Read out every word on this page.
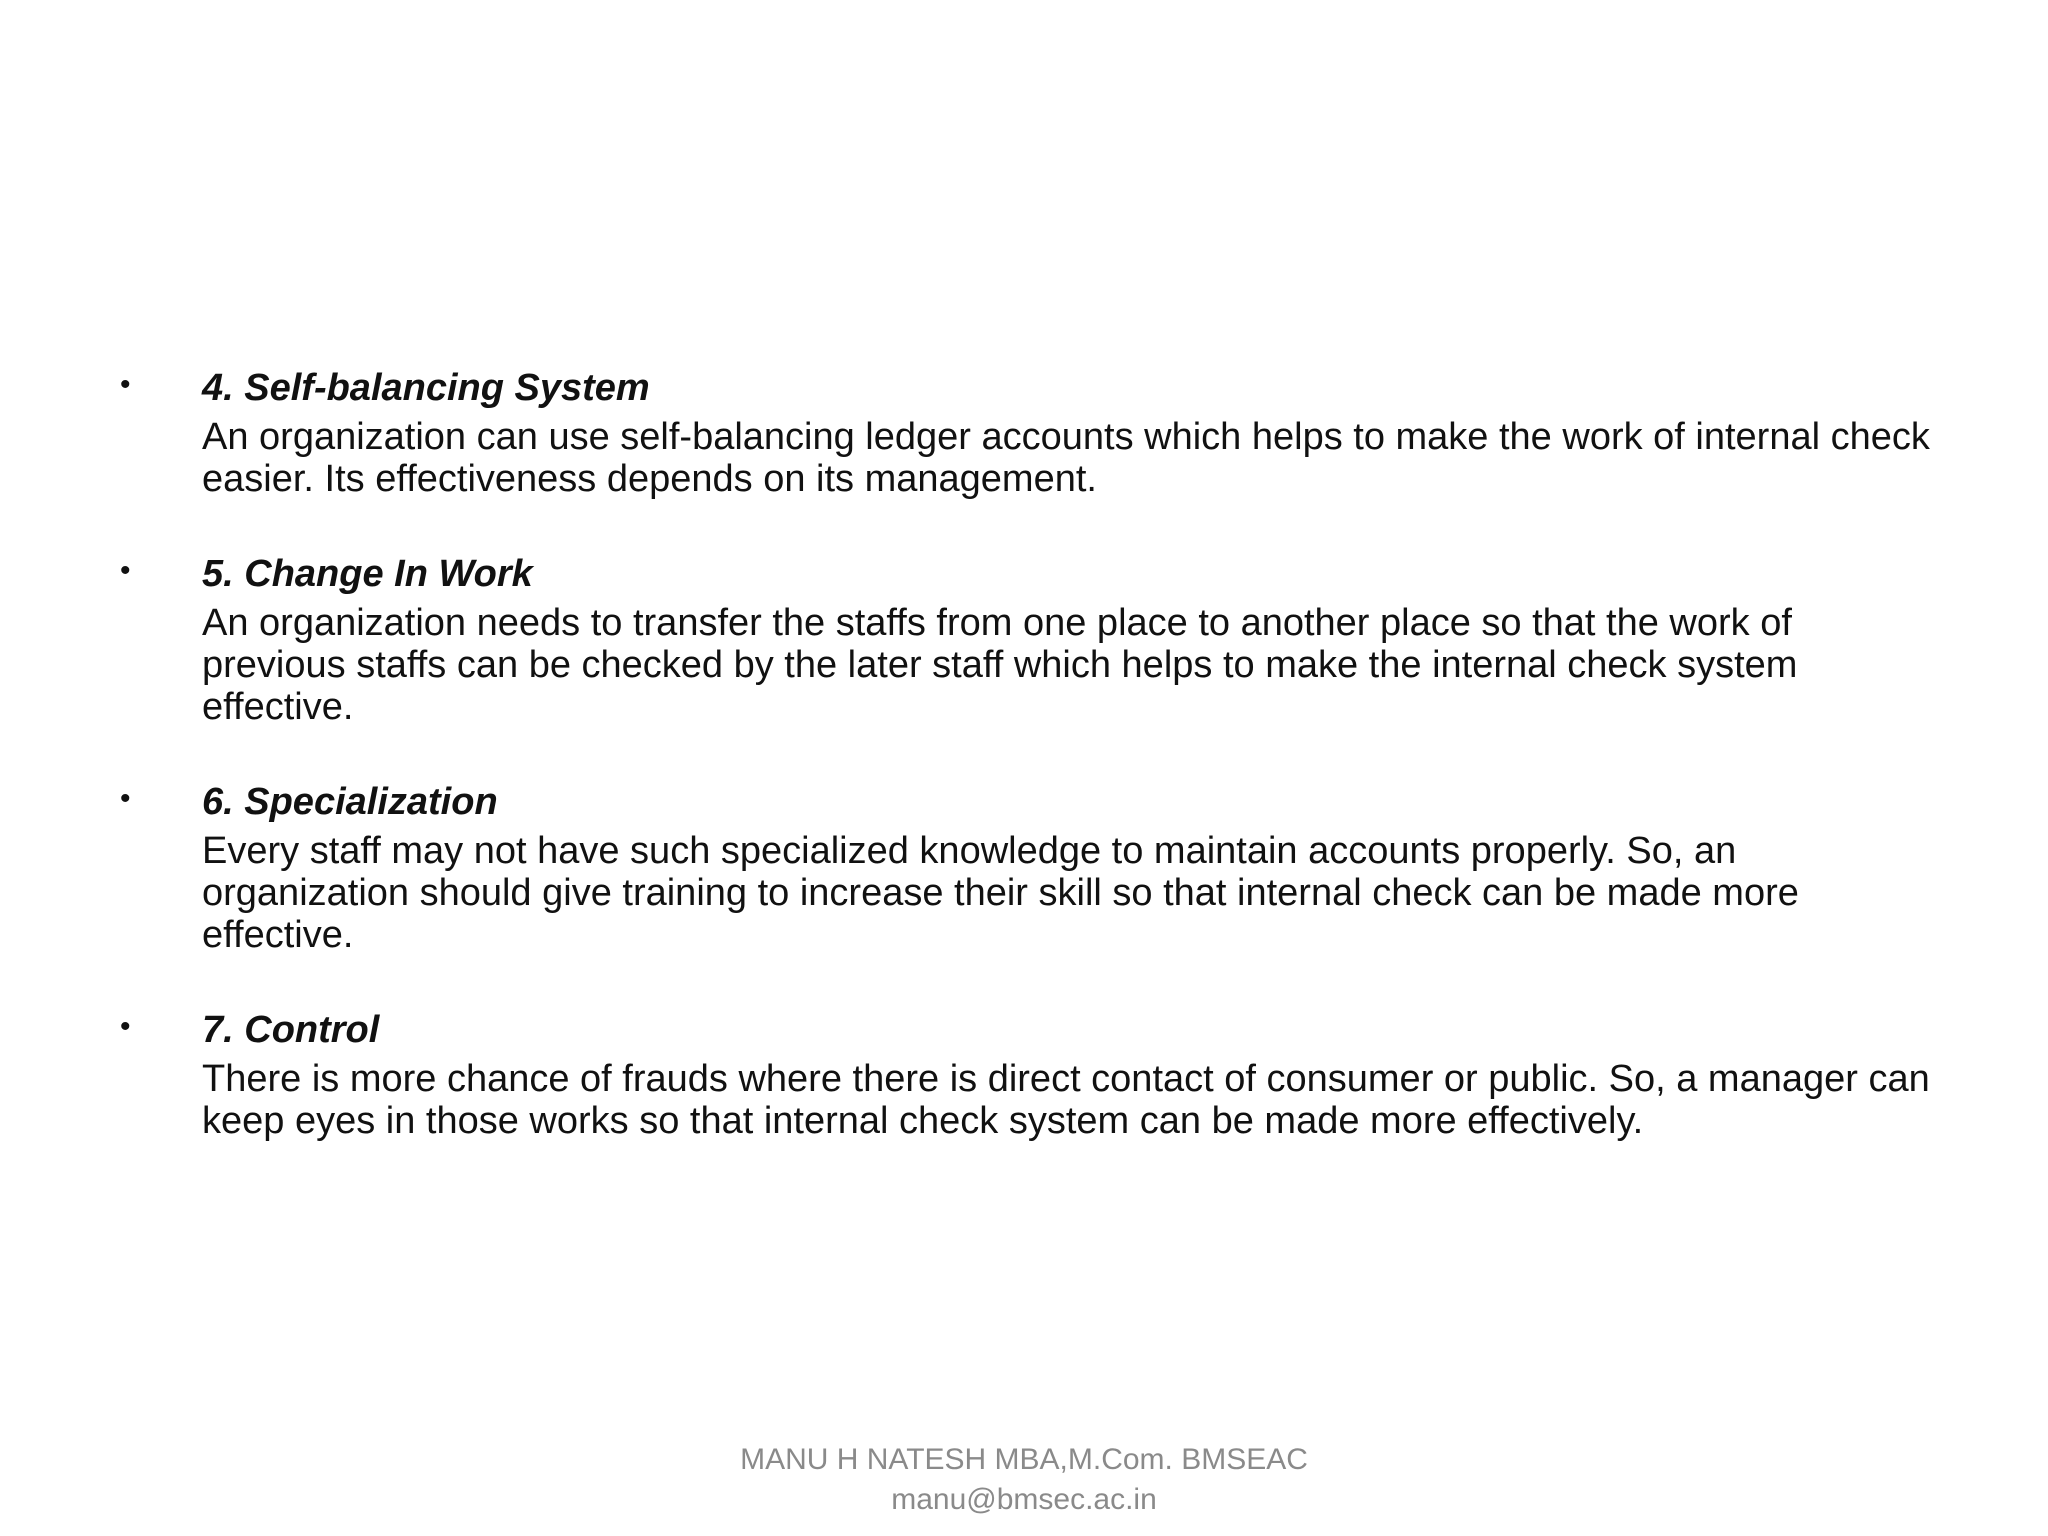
•	4. Self-balancing System

An organization can use self-balancing ledger accounts which helps to make the work of internal check easier. Its effectiveness depends on its management.

•	5. Change In Work

An organization needs to transfer the staffs from one place to another place so that the work of previous staffs can be checked by the later staff which helps to make the internal check system effective.

•	6. Specialization

Every staff may not have such specialized knowledge to maintain accounts properly. So, an organization should give training to increase their skill so that internal check can be made more effective.

•	7. Control

There is more chance of frauds where there is direct contact of consumer or public. So, a manager can keep eyes in those works so that internal check system can be made more effectively.

MANU H NATESH MBA,M.Com. BMSEAC
manu@bmsec.ac.in
